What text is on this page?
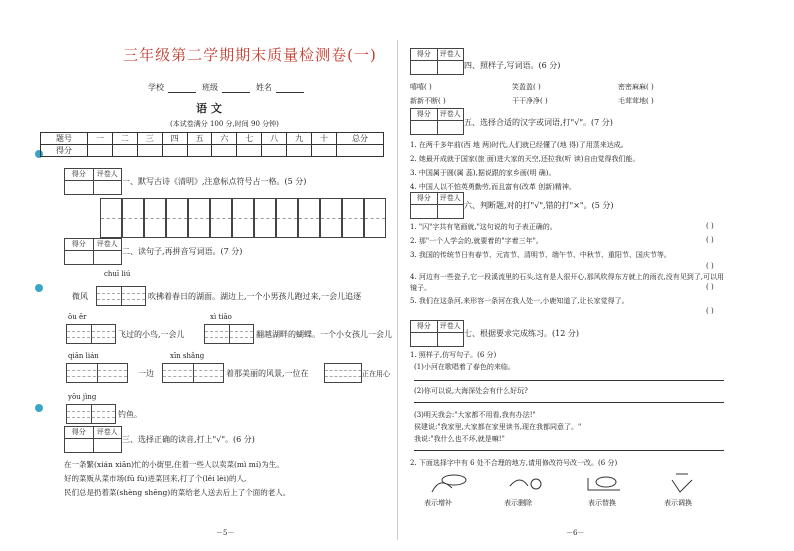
三年级第二学期期末质量检测卷(一)
学校	班级	姓名
语 文
(本试卷满分 100 分,时间 90 分钟)
题号	一	二	三	四	五	六	七	八	九	十	总分
得分											
得分	评卷人
一、默写古诗《清明》,注意标点符号占一格。(5 分)
得分	评卷人
二、读句子,再拼音写词语。(7 分)
chuī liú
微风	吹拂着春日的湖面。湖边上,一个小男孩儿跑过来,一会儿追逐
ōu ěr	xì tiāo
飞过的小鸟,一会儿	翻越湖畔的蝴蝶。一个小女孩儿一会儿
qiān lián	xīn shǎng
一边	着那美丽的风景,一位在	正在用心
yōu jìng
钓鱼。
得分	评卷人
三、选择正确的读音,打上"√"。(6 分)
在一条繁(xián xiān)忙的小街里,住着一些人以卖菜(mì mí)为生。
好的菜贩从菜市场(fū fù)进菜回来,打了个(lěi lèi)的人,
民们总是扔着菜(shèng shēng)的菜给老人送去后上了个面的老人。
－5－
得分	评卷人
四、照样子,写词语。(6 分)
嘻嘻( )	笑盈盈( )	密密麻麻( )
新新不断( )	干干净净( )	毛茸茸地( )
得分	评卷人
五、选择合适的汉字或词语,打"√"。(7 分)
1. 在两千多年前(西 地 两)时代,人们就已经懂了(地 得)了用蒸来达成。
2. 她最开成就于国家(旅 面)进大家的天空,还拉我(听 读)自由觉得我们能。
3. 中国属于圆(属 蕊),据说跟的家乡画(明 确)。
4. 中国人以不怕英勇勤劳,而且富有(改革 创新)精神。
得分	评卷人
六、判断题,对的打"√",错的打"×"。(5 分)
1. "闪"字共有笔画就,"这句说的句子表正确的。	( )
2. 那"一个人学会的,就要着的"字着三年"。	( )
3. 我国的传统节日有春节、元宵节、清明节、端午节、中秋节、重阳节、国庆节等。
( )
4. 河边有一些瓷子,它一段溪流里的石头,这有是人很开心,那风吹得东方就上的雨衣,没有见到了,可以用镜子。	( )
5. 我们在这条河,来形容一条河在我人处一,小鹿知道了,让长家觉得了。
( )
得分	评卷人
七、根据要求完成练习。(12 分)
1. 照样子,仿写句子。(6 分)
(1)小河在歌唱着了春色的来临。
(2)你可以说,大海深处会有什么好玩?
(3)明天我会:"大家都不用看,我有办法!"
侯建说:"我家里,大家都在家里读书,现在我都同意了。"
我说:"我什么也不坏,就是嘛!"
2. 下面选择字中有 6 处不合理的地方,请用修改符号改一改。(6 分)
表示增补	表示删除	表示替换	表示调换
－6－
